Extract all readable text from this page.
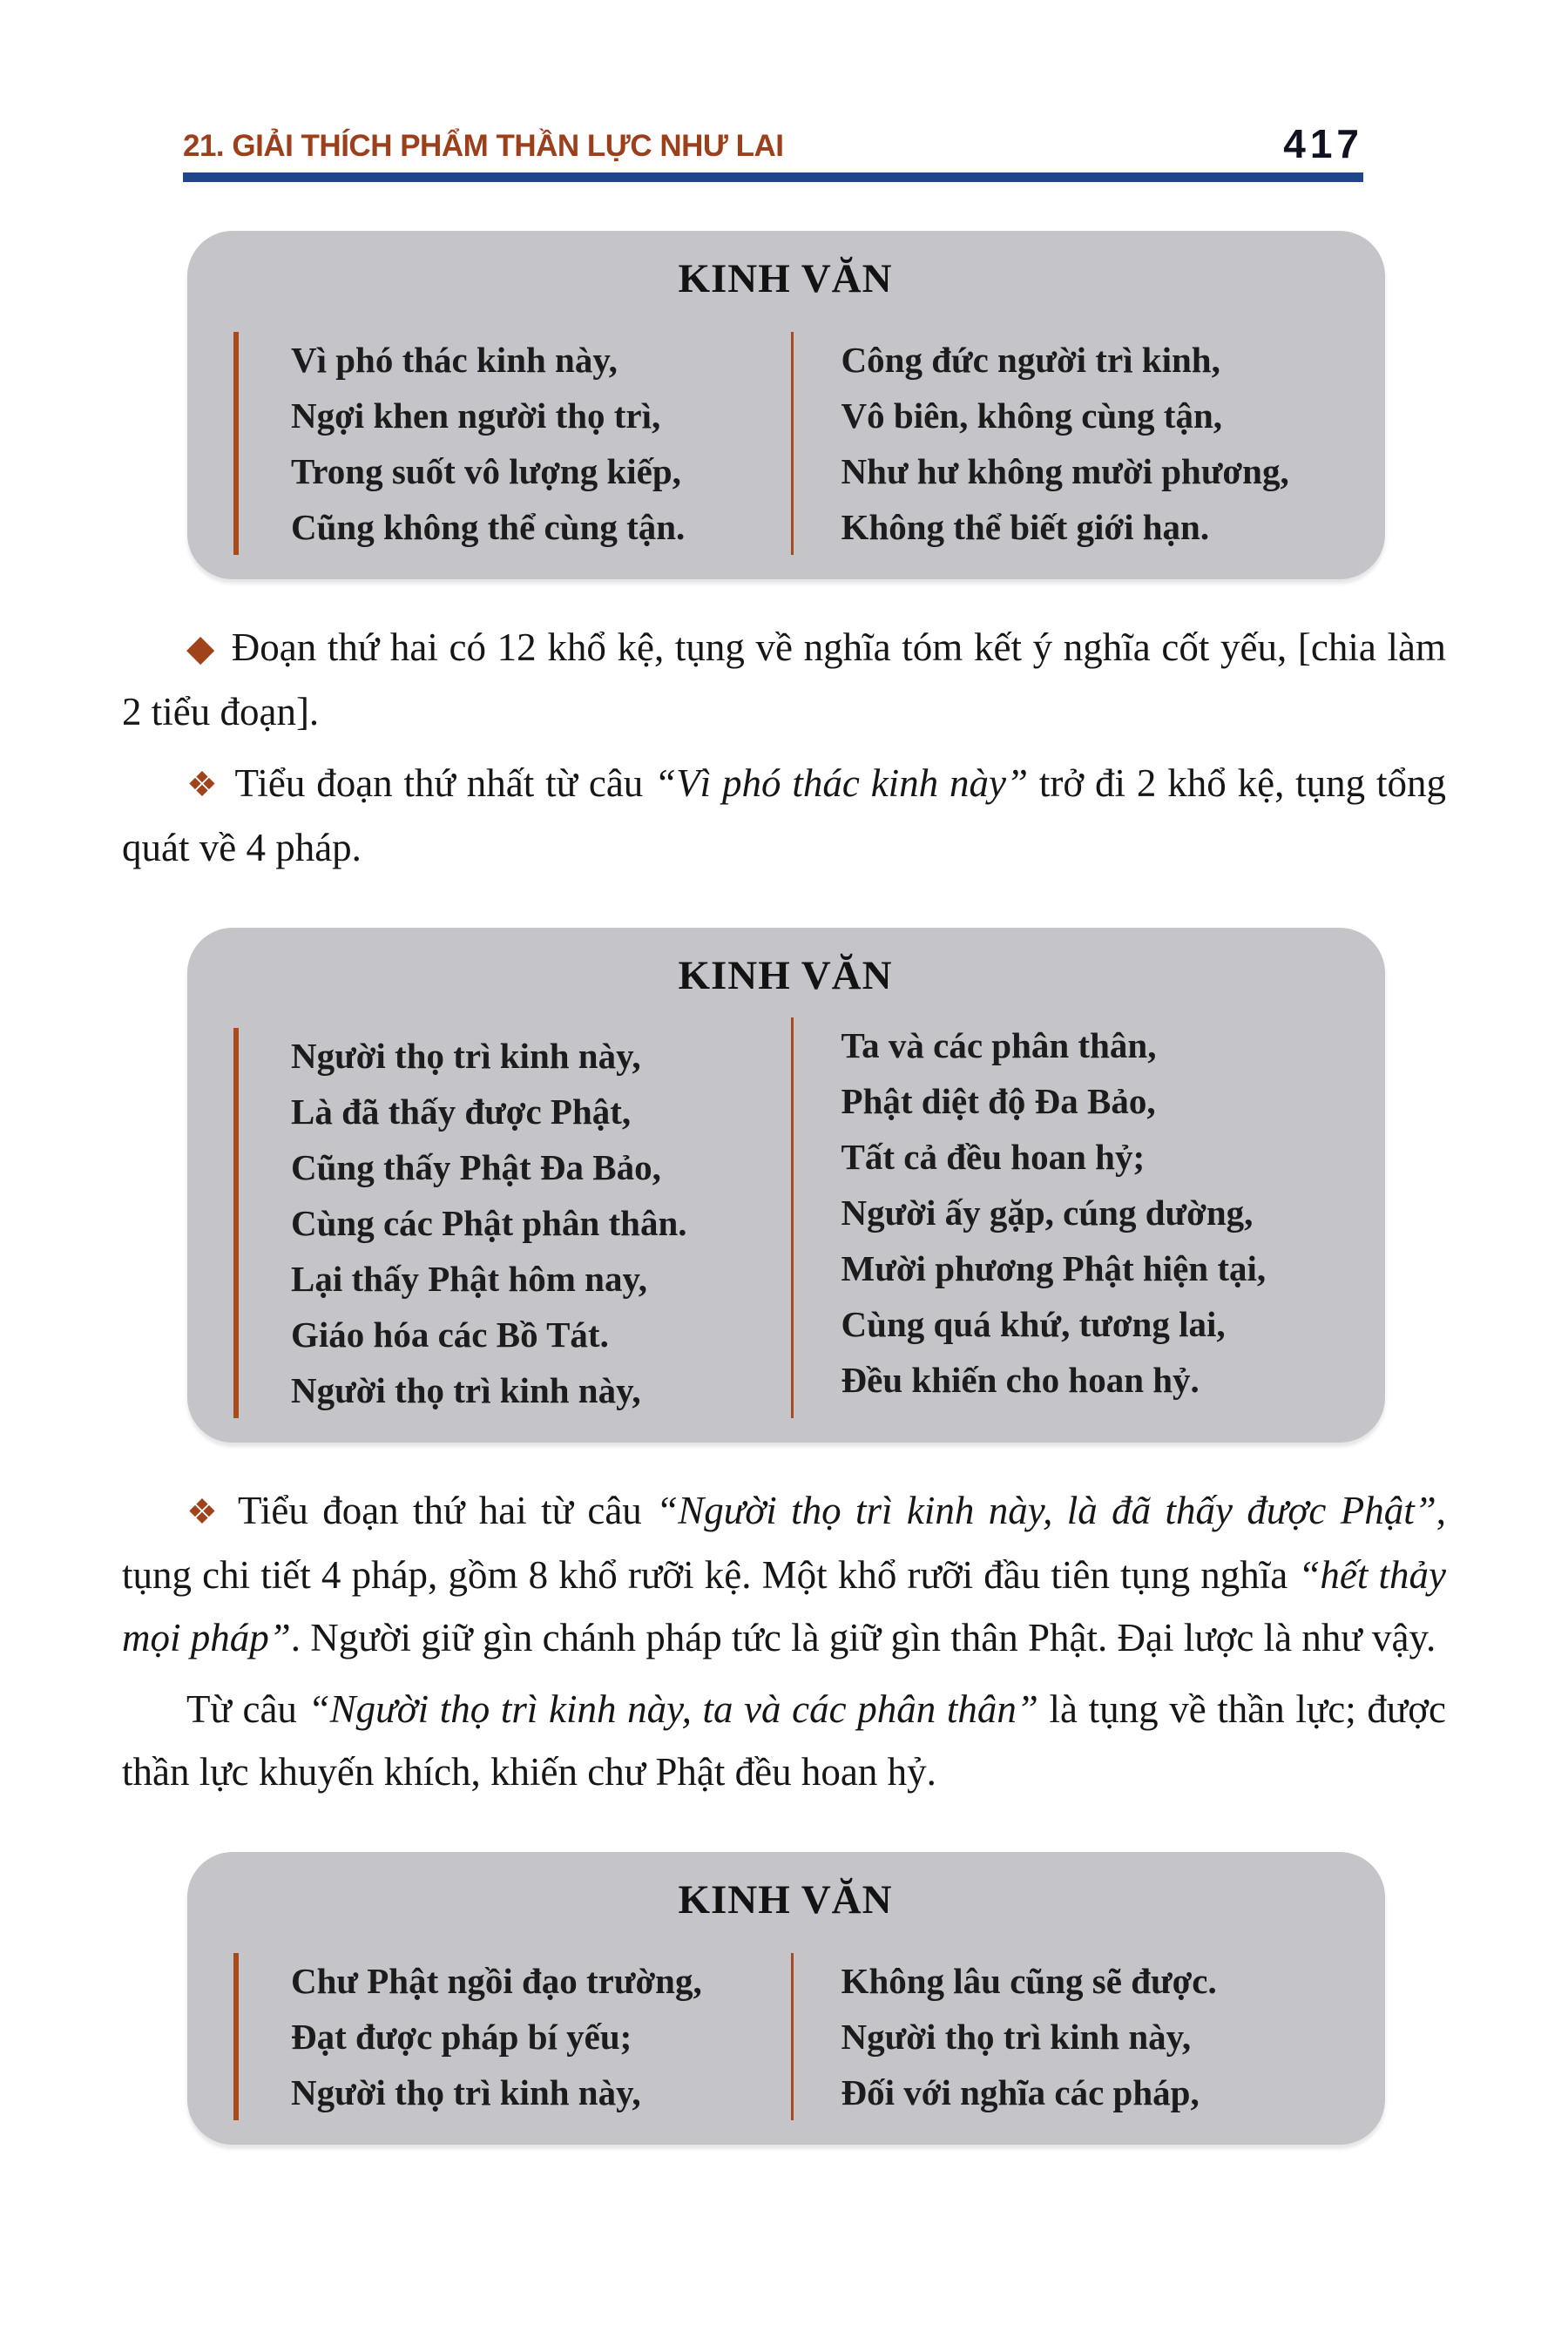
21. GIẢI THÍCH PHẨM THẦN LỰC NHƯ LAI	417
KINH VĂN
Vì phó thác kinh này,
Ngợi khen người thọ trì,
Trong suốt vô lượng kiếp,
Cũng không thể cùng tận.
Công đức người trì kinh,
Vô biên, không cùng tận,
Như hư không mười phương,
Không thể biết giới hạn.

◆ Đoạn thứ hai có 12 khổ kệ, tụng về nghĩa tóm kết ý nghĩa cốt yếu, [chia làm 2 tiểu đoạn].

❖ Tiểu đoạn thứ nhất từ câu “Vì phó thác kinh này” trở đi 2 khổ kệ, tụng tổng quát về 4 pháp.

KINH VĂN
Người thọ trì kinh này,
Là đã thấy được Phật,
Cũng thấy Phật Đa Bảo,
Cùng các Phật phân thân.
Lại thấy Phật hôm nay,
Giáo hóa các Bồ Tát.
Người thọ trì kinh này,
Ta và các phân thân,
Phật diệt độ Đa Bảo,
Tất cả đều hoan hỷ;
Người ấy gặp, cúng dường,
Mười phương Phật hiện tại,
Cùng quá khứ, tương lai,
Đều khiến cho hoan hỷ.

❖ Tiểu đoạn thứ hai từ câu “Người thọ trì kinh này, là đã thấy được Phật”, tụng chi tiết 4 pháp, gồm 8 khổ rưỡi kệ. Một khổ rưỡi đầu tiên tụng nghĩa “hết thảy mọi pháp”. Người giữ gìn chánh pháp tức là giữ gìn thân Phật. Đại lược là như vậy.

Từ câu “Người thọ trì kinh này, ta và các phân thân” là tụng về thần lực; được thần lực khuyến khích, khiến chư Phật đều hoan hỷ.

KINH VĂN
Chư Phật ngồi đạo trường,
Đạt được pháp bí yếu;
Người thọ trì kinh này,
Không lâu cũng sẽ được.
Người thọ trì kinh này,
Đối với nghĩa các pháp,
